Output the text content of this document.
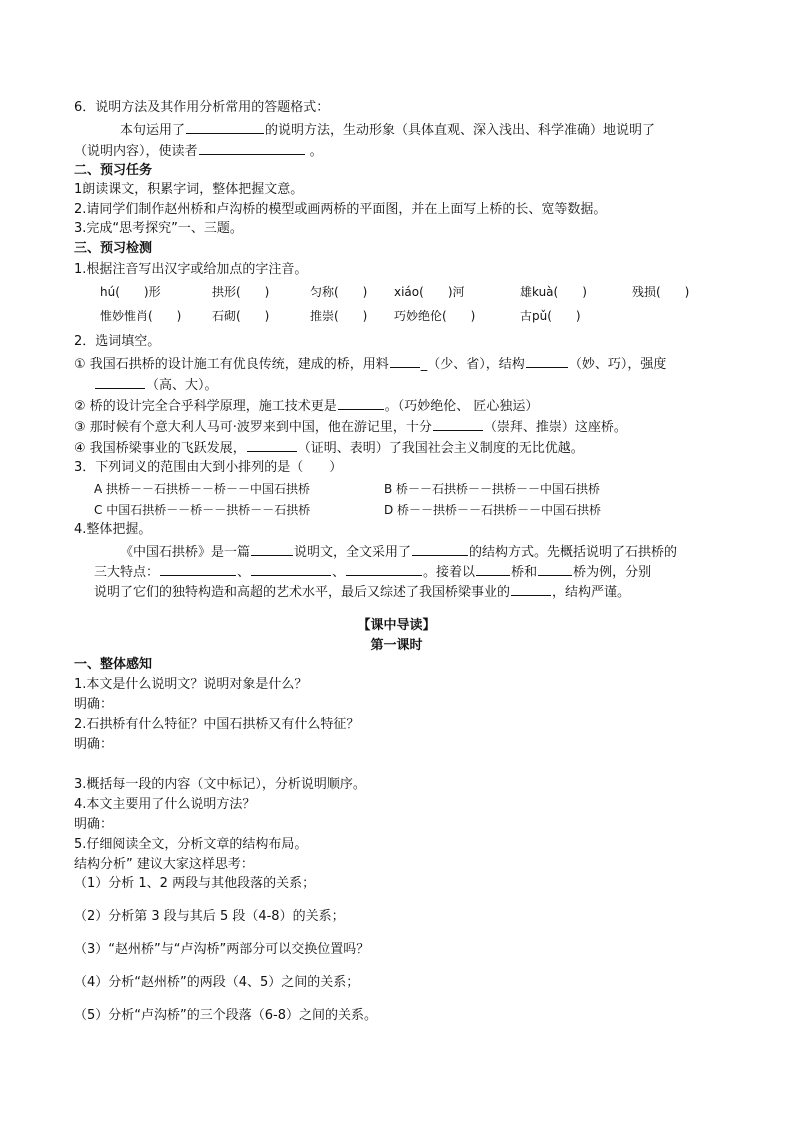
6．说明方法及其作用分析常用的答题格式：
本句运用了	的说明方法，生动形象（具体直观、深入浅出、科学准确）地说明了
（说明内容），使读者	。
二、预习任务
1朗读课文，积累字词，整体把握文意。
2.请同学们制作赵州桥和卢沟桥的模型或画两桥的平面图，并在上面写上桥的长、宽等数据。
3.完成“思考探究”一、三题。
三、预习检测
1.根据注音写出汉字或给加点的字注音。
hú(　　)形	拱形(　　)	匀称(　　) xiáo(　　)河	雄kuà(　　)	残损(　　)
惟妙惟肖(　　)	石砌(　　)	推崇(　　) 巧妙绝伦(　　)	古pǔ(　　)
2．选词填空。
① 我国石拱桥的设计施工有优良传统，建成的桥，用料 _（少、省），结构	（妙、巧），强度
（高、大）。
② 桥的设计完全合乎科学原理，施工技术更是	。（巧妙绝伦、 匠心独运）
③ 那时候有个意大利人马可·波罗来到中国，他在游记里，十分	（崇拜、推崇）这座桥。
④ 我国桥梁事业的飞跃发展，	（证明、表明）了我国社会主义制度的无比优越。
3．下列词义的范围由大到小排列的是（　　）
A 拱桥－－石拱桥－－桥－－中国石拱桥	B 桥－－石拱桥－－拱桥－－中国石拱桥
C 中国石拱桥－－桥－－拱桥－－石拱桥	D 桥－－拱桥－－石拱桥－－中国石拱桥
4.整体把握。
《中国石拱桥》是一篇	说明文，全文采用了	的结构方式。先概括说明了石拱桥的
三大特点：	、	、	。接着以	桥和	桥为例，分别
说明了它们的独特构造和高超的艺术水平，最后又综述了我国桥梁事业的	，结构严谨。
【课中导读】
第一课时
一、整体感知
1.本文是什么说明文？说明对象是什么？
明确：
2.石拱桥有什么特征？中国石拱桥又有什么特征？
明确：
3.概括每一段的内容（文中标记），分析说明顺序。
4.本文主要用了什么说明方法？
明确：
5.仔细阅读全文，分析文章的结构布局。
结构分析” 建议大家这样思考：
（1）分析 1、2 两段与其他段落的关系；
（2）分析第 3 段与其后 5 段（4-8）的关系；
（3）“赵州桥”与“卢沟桥”两部分可以交换位置吗？
（4）分析“赵州桥”的两段（4、5）之间的关系；
（5）分析“卢沟桥”的三个段落（6-8）之间的关系。
